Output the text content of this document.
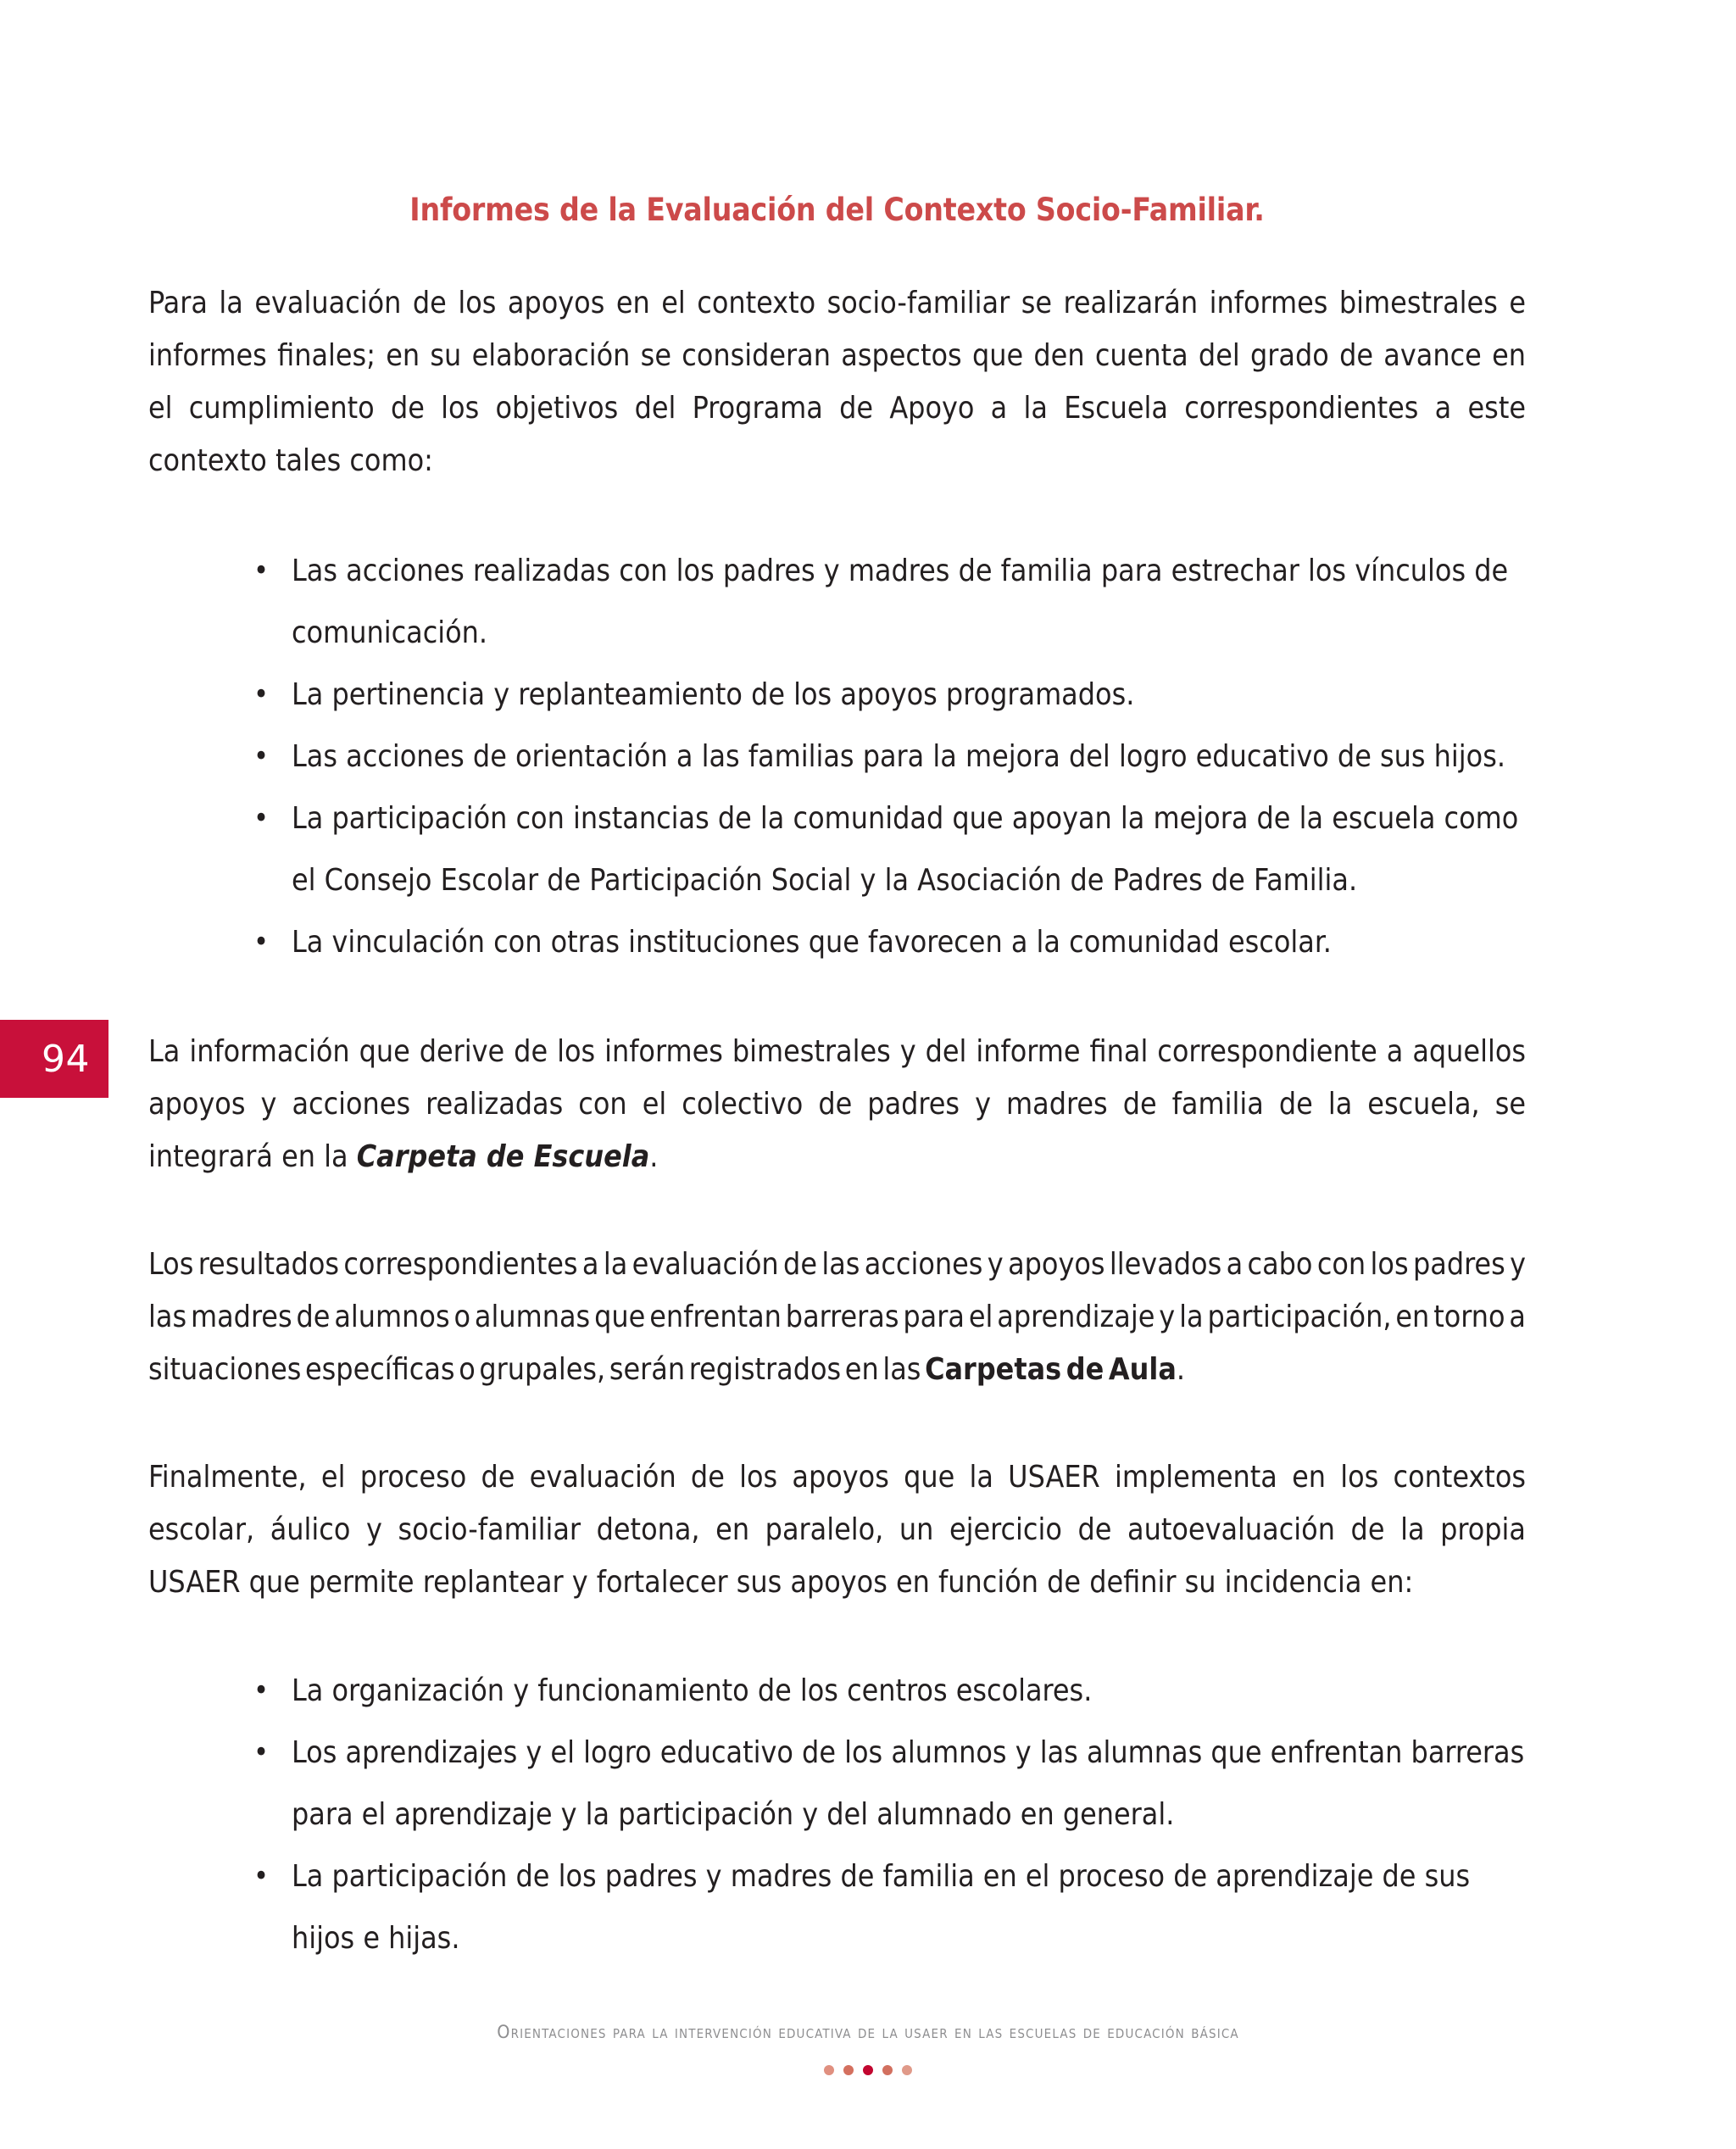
94
Informes de la Evaluación del Contexto Socio-Familiar.

Para la evaluación de los apoyos en el contexto socio-familiar se realizarán informes bimestrales e informes finales; en su elaboración se consideran aspectos que den cuenta del grado de avance en el cumplimiento de los objetivos del Programa de Apoyo a la Escuela correspondientes a este contexto tales como:

• Las acciones realizadas con los padres y madres de familia para estrechar los vínculos de comunicación.
• La pertinencia y replanteamiento de los apoyos programados.
• Las acciones de orientación a las familias para la mejora del logro educativo de sus hijos.
• La participación con instancias de la comunidad que apoyan la mejora de la escuela como el Consejo Escolar de Participación Social y la Asociación de Padres de Familia.
• La vinculación con otras instituciones que favorecen a la comunidad escolar.

La información que derive de los informes bimestrales y del informe final correspondiente a aquellos apoyos y acciones realizadas con el colectivo de padres y madres de familia de la escuela, se integrará en la Carpeta de Escuela.

Los resultados correspondientes a la evaluación de las acciones y apoyos llevados a cabo con los padres y las madres de alumnos o alumnas que enfrentan barreras para el aprendizaje y la participación, en torno a situaciones específicas o grupales, serán registrados en las Carpetas de Aula.

Finalmente, el proceso de evaluación de los apoyos que la USAER implementa en los contextos escolar, áulico y socio-familiar detona, en paralelo, un ejercicio de autoevaluación de la propia USAER que permite replantear y fortalecer sus apoyos en función de definir su incidencia en:

• La organización y funcionamiento de los centros escolares.
• Los aprendizajes y el logro educativo de los alumnos y las alumnas que enfrentan barreras para el aprendizaje y la participación y del alumnado en general.
• La participación de los padres y madres de familia en el proceso de aprendizaje de sus hijos e hijas.
Orientaciones para la intervención educativa de la usaer en las escuelas de educación básica
